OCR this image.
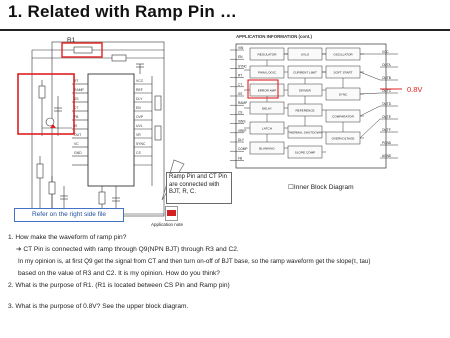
1. Related with Ramp Pin …
RT
RAMP
SS
CT
FB
IS
OUT
VC
GND
VCC
REF
DLY
EN
OVP
UVL
VR
SYNC
CS
R1
Refer on the right side file
Ramp Pin and CT Pin are connected with BJT, R, C.
Application note
APPLICATION INFORMATION (cont.)
REGULATOR	UVLO	OSCILLATOR
PWM LOGIC	CURRENT LIMIT	SOFT START
ERROR AMP	DRIVER
SYNC
DELAY	REFERENCE
COMPARATOR
LATCH
THERMAL SHUTDOWN
OVERVOLTAGE
BLANKING
SLOPE COMP
VIN
EN
SYNC
RT
CT
SS
RAMP
CS
ISNS
VREF
DLY
COMP
FB
VCC
OUTA
OUTB
OUTC
OUTD
OUTE
OUTF
PGND
AGND
0.8V
☐Inner Block Diagram
1. How make the waveform of ramp pin?
➔ CT Pin is connected with ramp through Q9(NPN BJT) through R3 and C2.
In my opinion is, at first Q9 get the signal from CT and then turn on-off of BJT base, so the ramp waveform get the slope(τ, tau)
based on the value of R3 and C2. It is my opinion. How do you think?
2. What is the purpose of R1. (R1 is located between CS Pin and Ramp pin)
3. What is the purpose of 0.8V? See the upper block diagram.
